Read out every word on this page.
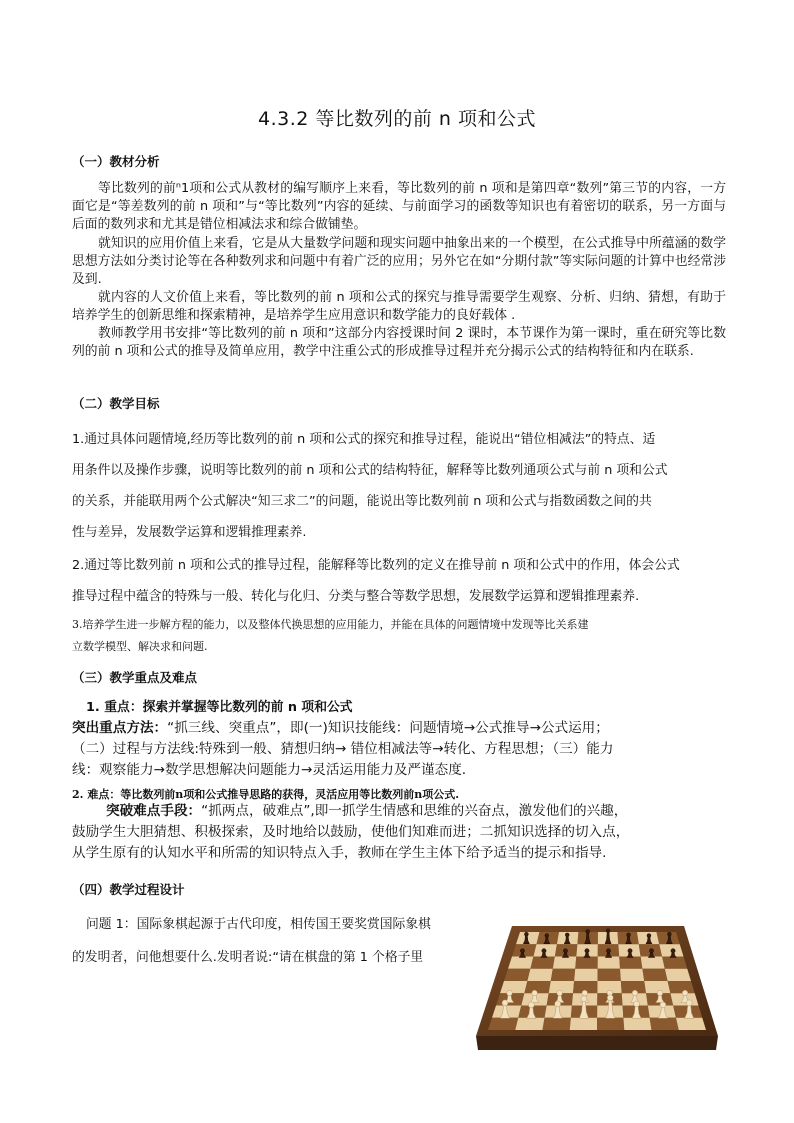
4.3.2 等比数列的前 n 项和公式
（一）教材分析
等比数列的前ⁿ1项和公式从教材的编写顺序上来看，等比数列的前 n 项和是第四章“数列”第三节的内容，一方面它是“等差数列的前 n 项和”与“等比数列”内容的延续、与前面学习的函数等知识也有着密切的联系，另一方面与后面的数列求和尤其是错位相减法求和综合做铺垫。
就知识的应用价值上来看，它是从大量数学问题和现实问题中抽象出来的一个模型，在公式推导中所蕴涵的数学思想方法如分类讨论等在各种数列求和问题中有着广泛的应用；另外它在如“分期付款”等实际问题的计算中也经常涉及到.
就内容的人文价值上来看，等比数列的前 n 项和公式的探究与推导需要学生观察、分析、归纳、猜想，有助于培养学生的创新思维和探索精神，是培养学生应用意识和数学能力的良好载体 .
教师教学用书安排“等比数列的前 n 项和”这部分内容授课时间 2 课时，本节课作为第一课时，重在研究等比数列的前 n 项和公式的推导及简单应用，教学中注重公式的形成推导过程并充分揭示公式的结构特征和内在联系.
（二）教学目标
1.通过具体问题情境,经历等比数列的前 n 项和公式的探究和推导过程，能说出“错位相减法”的特点、适
用条件以及操作步骤，说明等比数列的前 n 项和公式的结构特征，解释等比数列通项公式与前 n 项和公式
的关系，并能联用两个公式解决“知三求二”的问题，能说出等比数列前 n 项和公式与指数函数之间的共
性与差异，发展数学运算和逻辑推理素养.
2.通过等比数列前 n 项和公式的推导过程，能解释等比数列的定义在推导前 n 项和公式中的作用，体会公式
推导过程中蕴含的特殊与一般、转化与化归、分类与整合等数学思想，发展数学运算和逻辑推理素养.
3.培养学生进一步解方程的能力，以及整体代换思想的应用能力，并能在具体的问题情境中发现等比关系建
立数学模型、解决求和问题.
（三）教学重点及难点
1. 重点：探索并掌握等比数列的前 n 项和公式
突出重点方法：“抓三线、突重点”，即(一)知识技能线：问题情境→公式推导→公式运用；
（二）过程与方法线:特殊到一般、猜想归纳→ 错位相减法等→转化、方程思想；（三）能力
线：观察能力→数学思想解决问题能力→灵活运用能力及严谨态度.
2. 难点：等比数列前n项和公式推导思路的获得，灵活应用等比数列前n项公式.
突破难点手段：“抓两点，破难点”,即一抓学生情感和思维的兴奋点，激发他们的兴趣，
鼓励学生大胆猜想、积极探索，及时地给以鼓励，使他们知难而进；二抓知识选择的切入点，
从学生原有的认知水平和所需的知识特点入手，教师在学生主体下给予适当的提示和指导.
（四）教学过程设计
问题 1：国际象棋起源于古代印度，相传国王要奖赏国际象棋
的发明者，问他想要什么.发明者说:“请在棋盘的第 1 个格子里
